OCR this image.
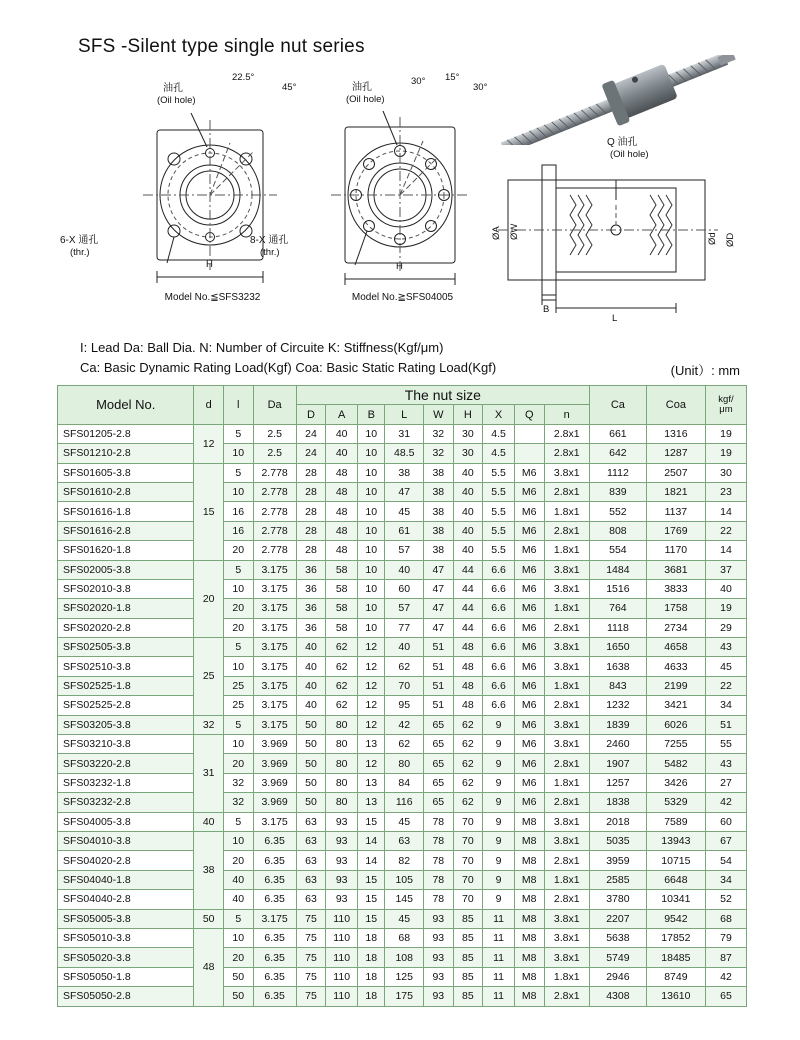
SFS -Silent type single nut series
油孔
(Oil hole)
22.5°
45°
6-X 通孔
(thr.)
H
Model No.≦SFS3232
油孔
(Oil hole)
30° 15°
30°
8-X 通孔
(thr.)
H
Model No.≧SFS04005
Q 油孔
(Oil hole)
ØA ØW	Ød ØD
B
L
I: Lead Da: Ball Dia. N: Number of Circuite K: Stiffness(Kgf/μm)
Ca: Basic Dynamic Rating Load(Kgf) Coa: Basic Static Rating Load(Kgf)	(Unit）: mm
Model No.	d	l	Da	The nut size									Ca	Coa	kgf/
μm

				D	A	B	L	W	H	X	Q	n			
SFS01205-2.8	12	5	2.5	24	40	10	31	32	30	4.5		2.8x1	661	1316	19
SFS01210-2.8		10	2.5	24	40	10	48.5	32	30	4.5		2.8x1	642	1287	19
SFS01605-3.8	15	5	2.778	28	48	10	38	38	40	5.5	M6	3.8x1	1112	2507	30
SFS01610-2.8		10	2.778	28	48	10	47	38	40	5.5	M6	2.8x1	839	1821	23
SFS01616-1.8		16	2.778	28	48	10	45	38	40	5.5	M6	1.8x1	552	1137	14
SFS01616-2.8		16	2.778	28	48	10	61	38	40	5.5	M6	2.8x1	808	1769	22
SFS01620-1.8		20	2.778	28	48	10	57	38	40	5.5	M6	1.8x1	554	1170	14
SFS02005-3.8	20	5	3.175	36	58	10	40	47	44	6.6	M6	3.8x1	1484	3681	37
SFS02010-3.8		10	3.175	36	58	10	60	47	44	6.6	M6	3.8x1	1516	3833	40
SFS02020-1.8		20	3.175	36	58	10	57	47	44	6.6	M6	1.8x1	764	1758	19
SFS02020-2.8		20	3.175	36	58	10	77	47	44	6.6	M6	2.8x1	1118	2734	29
SFS02505-3.8	25	5	3.175	40	62	12	40	51	48	6.6	M6	3.8x1	1650	4658	43
SFS02510-3.8		10	3.175	40	62	12	62	51	48	6.6	M6	3.8x1	1638	4633	45
SFS02525-1.8		25	3.175	40	62	12	70	51	48	6.6	M6	1.8x1	843	2199	22
SFS02525-2.8		25	3.175	40	62	12	95	51	48	6.6	M6	2.8x1	1232	3421	34
SFS03205-3.8	32	5	3.175	50	80	12	42	65	62	9	M6	3.8x1	1839	6026	51
SFS03210-3.8	31	10	3.969	50	80	13	62	65	62	9	M6	3.8x1	2460	7255	55
SFS03220-2.8		20	3.969	50	80	12	80	65	62	9	M6	2.8x1	1907	5482	43
SFS03232-1.8		32	3.969	50	80	13	84	65	62	9	M6	1.8x1	1257	3426	27
SFS03232-2.8		32	3.969	50	80	13	116	65	62	9	M6	2.8x1	1838	5329	42
SFS04005-3.8	40	5	3.175	63	93	15	45	78	70	9	M8	3.8x1	2018	7589	60
SFS04010-3.8	38	10	6.35	63	93	14	63	78	70	9	M8	3.8x1	5035	13943	67
SFS04020-2.8		20	6.35	63	93	14	82	78	70	9	M8	2.8x1	3959	10715	54
SFS04040-1.8		40	6.35	63	93	15	105	78	70	9	M8	1.8x1	2585	6648	34
SFS04040-2.8		40	6.35	63	93	15	145	78	70	9	M8	2.8x1	3780	10341	52
SFS05005-3.8	50	5	3.175	75	110	15	45	93	85	11	M8	3.8x1	2207	9542	68
SFS05010-3.8	48	10	6.35	75	110	18	68	93	85	11	M8	3.8x1	5638	17852	79
SFS05020-3.8		20	6.35	75	110	18	108	93	85	11	M8	3.8x1	5749	18485	87
SFS05050-1.8		50	6.35	75	110	18	125	93	85	11	M8	1.8x1	2946	8749	42
SFS05050-2.8		50	6.35	75	110	18	175	93	85	11	M8	2.8x1	4308	13610	65
